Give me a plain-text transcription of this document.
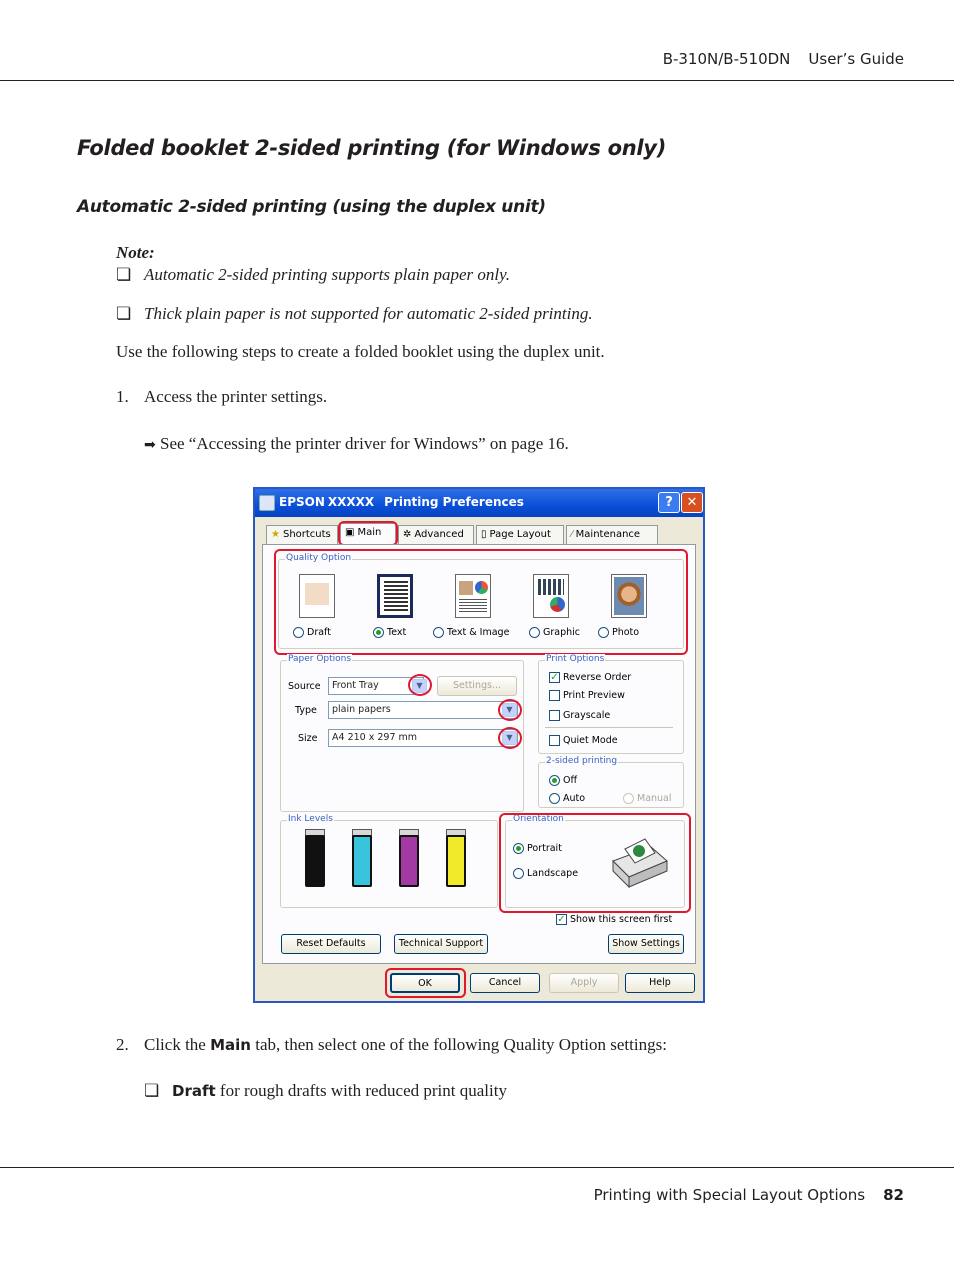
B-310N/B-510DN User’s Guide
Folded booklet 2-sided printing (for Windows only)
Automatic 2-sided printing (using the duplex unit)
Note:
❏ Automatic 2-sided printing supports plain paper only.
❏ Thick plain paper is not supported for automatic 2-sided printing.
Use the following steps to create a folded booklet using the duplex unit.
1. Access the printer settings.
➡ See “Accessing the printer driver for Windows” on page 16.
EPSON XXXXX Printing Preferences	?	✕
★ Shortcuts	▣ Main	✲ Advanced	▯ Page Layout	⁄ Maintenance
Quality Option
Draft	Text	Text & Image	Graphic	Photo
Paper Options
Source	Front Tray	▼	Settings...
Type	plain papers	▼
Size	A4 210 x 297 mm	▼
Print Options
✓ Reverse Order
Print Preview
Grayscale
Quiet Mode
2-sided printing
Off
Auto	Manual
Ink Levels	Orientation
Portrait
Landscape
✓ Show this screen first
Reset Defaults	Technical Support	Show Settings
OK	Cancel	Apply	Help
2. Click the Main tab, then select one of the following Quality Option settings:
❏ Draft for rough drafts with reduced print quality
Printing with Special Layout Options 82
